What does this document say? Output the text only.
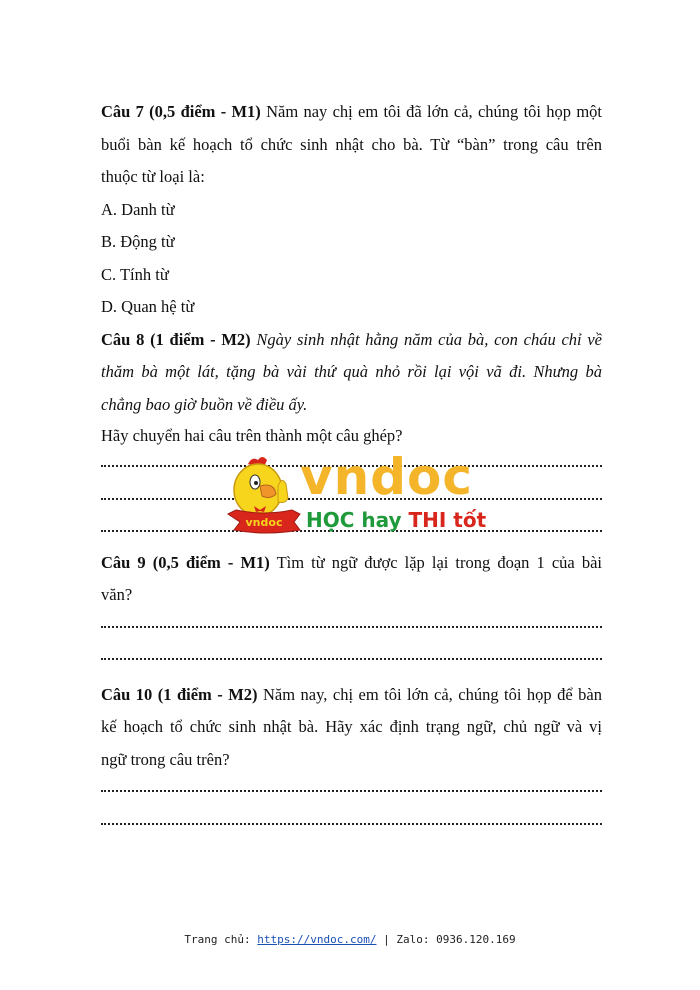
Câu 7 (0,5 điểm - M1) Năm nay chị em tôi đã lớn cả, chúng tôi họp một
buổi bàn kế hoạch tổ chức sinh nhật cho bà. Từ “bàn” trong câu trên
thuộc từ loại là:
A. Danh từ
B. Động từ
C. Tính từ
D. Quan hệ từ
Câu 8 (1 điểm - M2) Ngày sinh nhật hằng năm của bà, con cháu chỉ về
thăm bà một lát, tặng bà vài thứ quà nhỏ rồi lại vội vã đi. Nhưng bà
chẳng bao giờ buồn về điều ấy.
Hãy chuyển hai câu trên thành một câu ghép?
Câu 9 (0,5 điểm - M1) Tìm từ ngữ được lặp lại trong đoạn 1 của bài
văn?
Câu 10 (1 điểm - M2) Năm nay, chị em tôi lớn cả, chúng tôi họp để bàn
kế hoạch tổ chức sinh nhật bà. Hãy xác định trạng ngữ, chủ ngữ và vị
ngữ trong câu trên?
vndoc
vndoc
HỌC hay THI tốt
Trang chủ: https://vndoc.com/ | Zalo: 0936.120.169
